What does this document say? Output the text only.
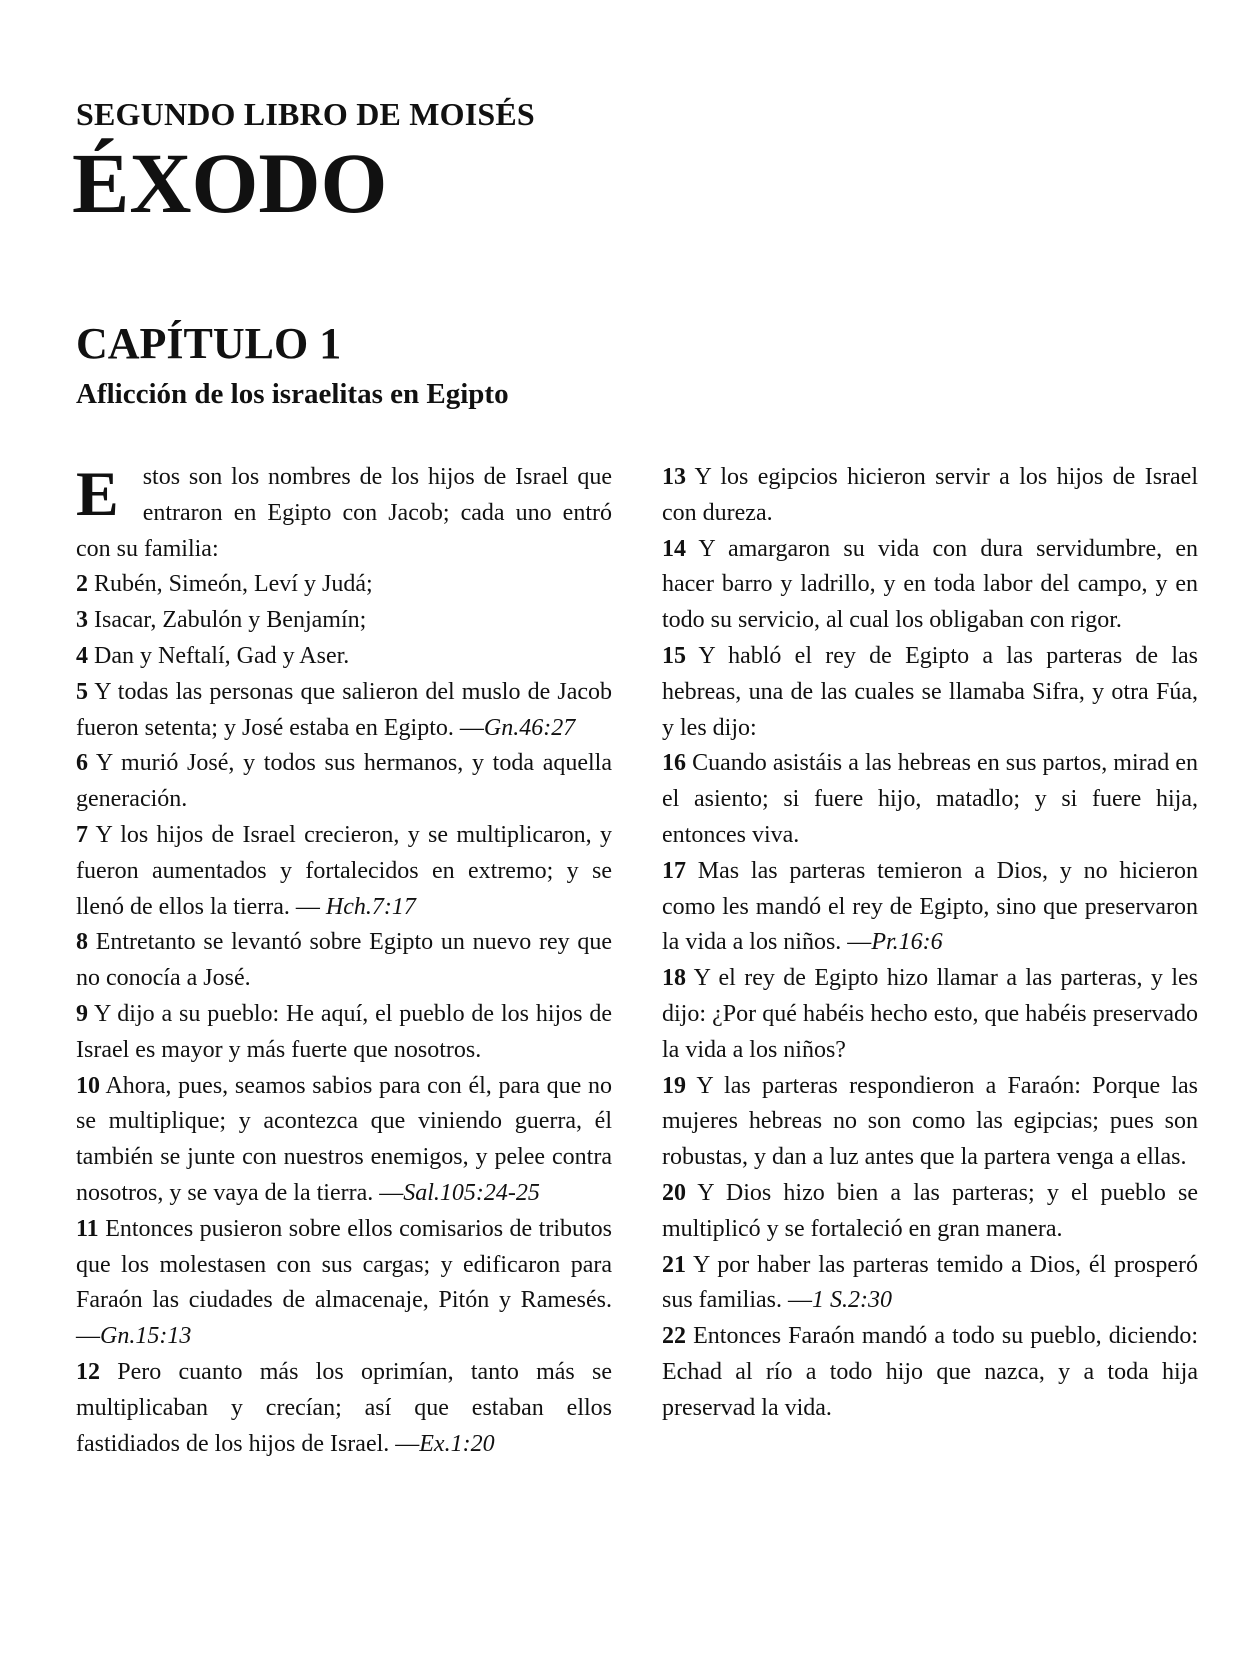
SEGUNDO LIBRO DE MOISÉS
ÉXODO
CAPÍTULO 1
Aflicción de los israelitas en Egipto

E stos son los nombres de los hijos de Israel que entraron en Egipto con Jacob; cada uno entró con su familia:

2 Rubén, Simeón, Leví y Judá;

3 Isacar, Zabulón y Benjamín;

4 Dan y Neftalí, Gad y Aser.

5 Y todas las personas que salieron del muslo de Jacob fueron setenta; y José estaba en Egipto. —Gn.46:27

6 Y murió José, y todos sus hermanos, y toda aquella generación.

7 Y los hijos de Israel crecieron, y se multiplicaron, y fueron aumentados y fortalecidos en extremo; y se llenó de ellos la tierra. — Hch.7:17

8 Entretanto se levantó sobre Egipto un nuevo rey que no conocía a José.

9 Y dijo a su pueblo: He aquí, el pueblo de los hijos de Israel es mayor y más fuerte que nosotros.

10 Ahora, pues, seamos sabios para con él, para que no se multiplique; y acontezca que viniendo guerra, él también se junte con nuestros enemigos, y pelee contra nosotros, y se vaya de la tierra. —Sal.105:24-25

11 Entonces pusieron sobre ellos comisarios de tributos que los molestasen con sus cargas; y edificaron para Faraón las ciudades de almacenaje, Pitón y Ramesés. —Gn.15:13

12 Pero cuanto más los oprimían, tanto más se multiplicaban y crecían; así que estaban ellos fastidiados de los hijos de Israel. —Ex.1:20

13 Y los egipcios hicieron servir a los hijos de Israel con dureza.

14 Y amargaron su vida con dura servidumbre, en hacer barro y ladrillo, y en toda labor del campo, y en todo su servicio, al cual los obligaban con rigor.

15 Y habló el rey de Egipto a las parteras de las hebreas, una de las cuales se llamaba Sifra, y otra Fúa, y les dijo:

16 Cuando asistáis a las hebreas en sus partos, mirad en el asiento; si fuere hijo, matadlo; y si fuere hija, entonces viva.

17 Mas las parteras temieron a Dios, y no hicieron como les mandó el rey de Egipto, sino que preservaron la vida a los niños. —Pr.16:6

18 Y el rey de Egipto hizo llamar a las parteras, y les dijo: ¿Por qué habéis hecho esto, que habéis preservado la vida a los niños?

19 Y las parteras respondieron a Faraón: Porque las mujeres hebreas no son como las egipcias; pues son robustas, y dan a luz antes que la partera venga a ellas.

20 Y Dios hizo bien a las parteras; y el pueblo se multiplicó y se fortaleció en gran manera.

21 Y por haber las parteras temido a Dios, él prosperó sus familias. —1 S.2:30

22 Entonces Faraón mandó a todo su pueblo, diciendo: Echad al río a todo hijo que nazca, y a toda hija preservad la vida.
